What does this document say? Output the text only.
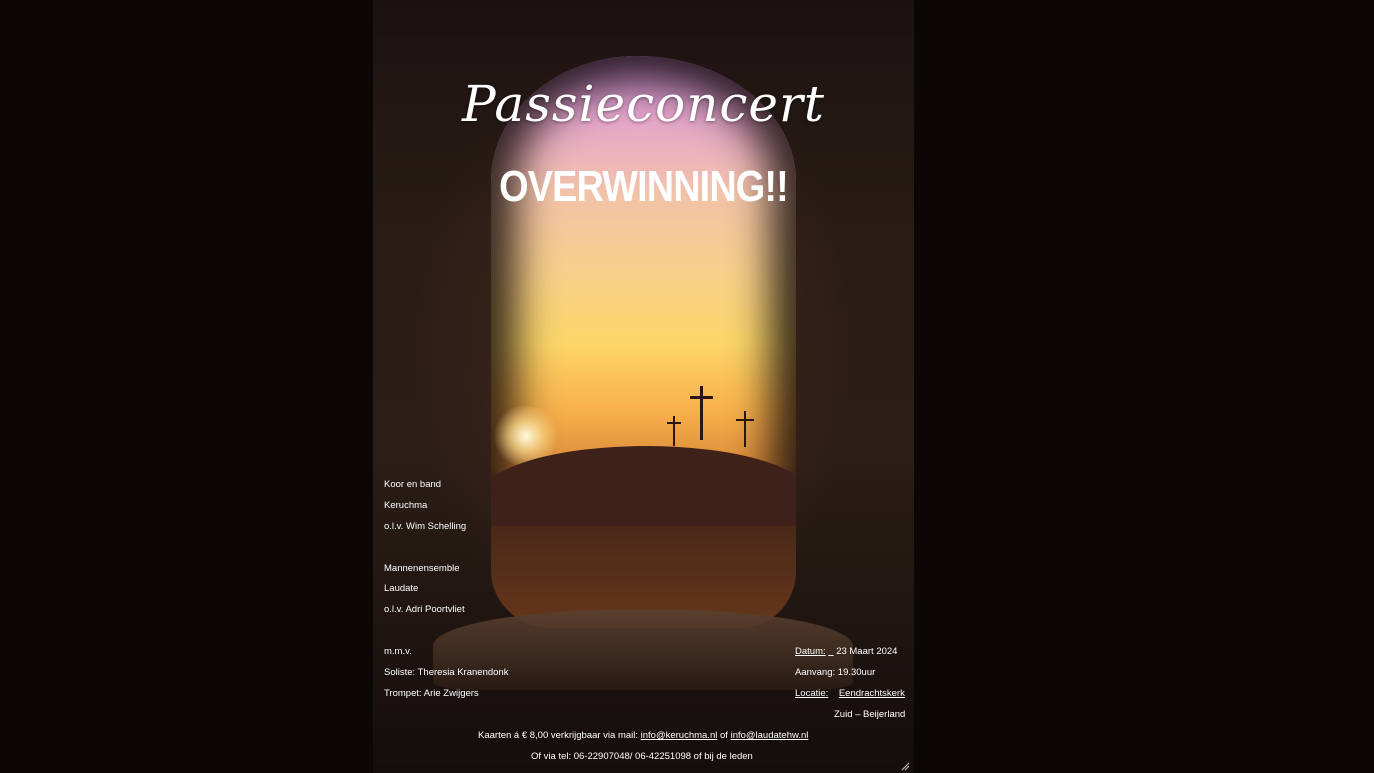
Passieconcert
OVERWINNING!!
Koor en band
Keruchma
o.l.v. Wim Schelling
Mannenensemble
Laudate
o.l.v. Adri Poortvliet
m.m.v.
Soliste: Theresia Kranendonk
Trompet: Arie Zwijgers
Datum: 23 Maart 2024
Aanvang: 19.30uur
Locatie: Eendrachtskerk
Zuid – Beijerland
Kaarten á € 8,00 verkrijgbaar via mail: info@keruchma.nl of info@laudatehw.nl
Of via tel: 06-22907048/ 06-42251098 of bij de leden
